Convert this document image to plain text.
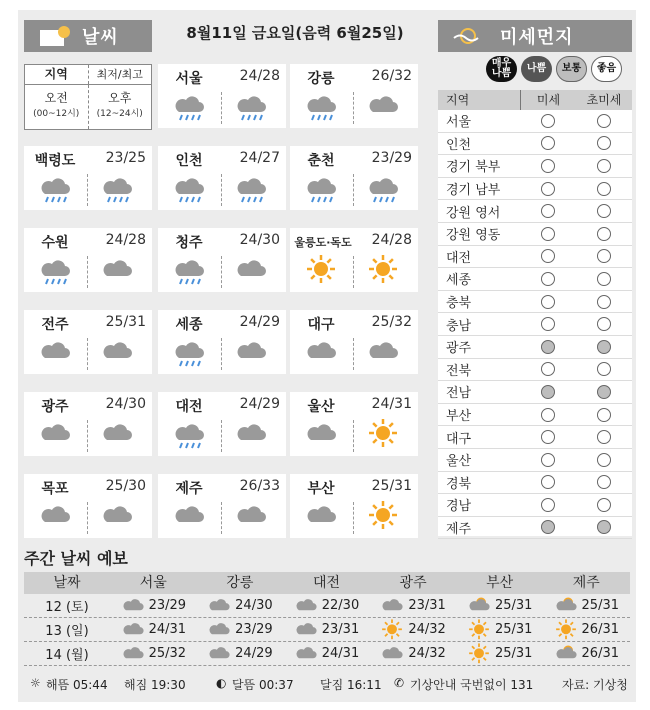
날씨	8월11일 금요일(음력 6월25일)	미세먼지
지역	최저/최고
오전
(00~12시)
오후
(12~24시)
서울	24/28	강릉	26/32
백령도	23/25	인천	24/27	춘천	23/29
수원	24/28	청주	24/30	울릉도·독도	24/28
전주	25/31	세종	24/29	대구	25/32
광주	24/30	대전	24/29	울산	24/31
목포	25/30	제주	26/33	부산	25/31
매우 나쁨	나쁨	보통	좋음
지역	미세	초미세
서울
인천
경기 북부
경기 남부
강원 영서
강원 영동
대전
세종
충북
충남
광주
전북
전남
부산
대구
울산
경북
경남
제주
주간 날씨 예보
날짜	서울	강릉	대전	광주	부산	제주
12 (토)	23/29	24/30	22/30	23/31	25/31	25/31
13 (일)	24/31	23/29	23/31	24/32	25/31	26/31
14 (월)	25/32	24/29	24/31	24/32	25/31	26/31
☼ 해뜸 05:44 해짐 19:30	◐ 달뜸 00:37 달짐 16:11 ✆ 기상안내 국번없이 131 자료: 기상청
